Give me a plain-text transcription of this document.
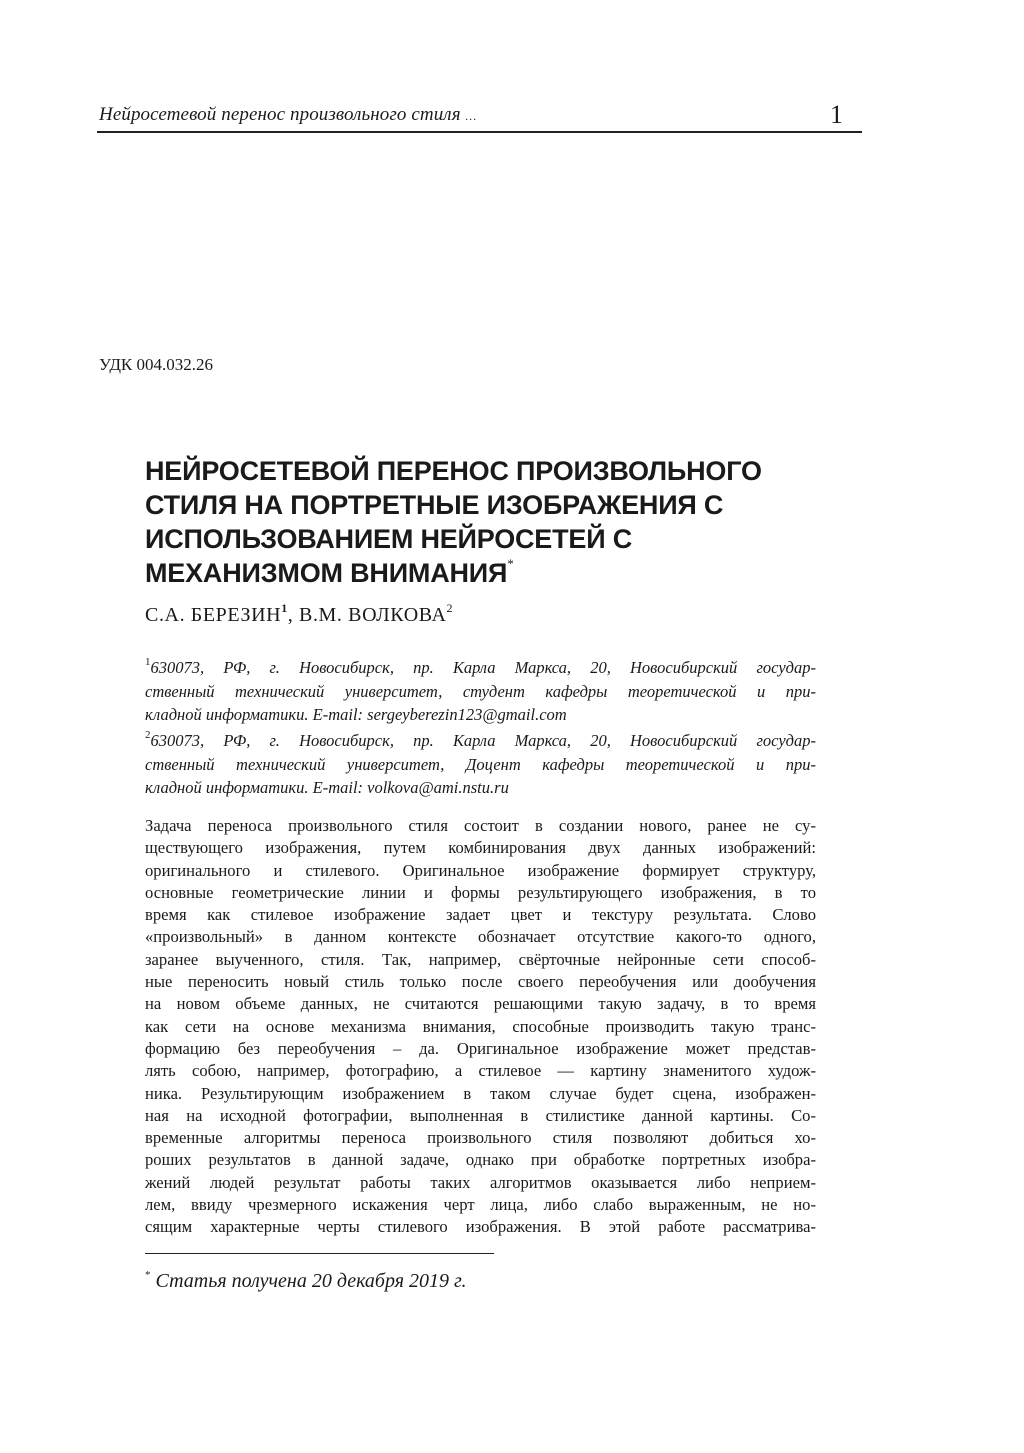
Нейросетевой перенос произвольного стиля …	1
УДК 004.032.26
НЕЙРОСЕТЕВОЙ ПЕРЕНОС ПРОИЗВОЛЬНОГО
СТИЛЯ НА ПОРТРЕТНЫЕ ИЗОБРАЖЕНИЯ С
ИСПОЛЬЗОВАНИЕМ НЕЙРОСЕТЕЙ С
МЕХАНИЗМОМ ВНИМАНИЯ*
С.А. БЕРЕЗИН$^1$, В.М. ВОЛКОВА$^2$
$^1$630073, РФ, г. Новосибирск, пр. Карла Маркса, 20, Новосибирский государ-
ственный технический университет, студент кафедры теоретической и при-
кладной информатики. E-mail: sergeyberezin123@gmail.com
$^2$630073, РФ, г. Новосибирск, пр. Карла Маркса, 20, Новосибирский государ-
ственный технический университет, Доцент кафедры теоретической и при-
кладной информатики. E-mail: volkova@ami.nstu.ru
Задача переноса произвольного стиля состоит в создании нового, ранее не су-
ществующего изображения, путем комбинирования двух данных изображений:
оригинального и стилевого. Оригинальное изображение формирует структуру,
основные геометрические линии и формы результирующего изображения, в то
время как стилевое изображение задает цвет и текстуру результата. Слово
«произвольный» в данном контексте обозначает отсутствие какого-то одного,
заранее выученного, стиля. Так, например, свёрточные нейронные сети способ-
ные переносить новый стиль только после своего переобучения или дообучения
на новом объеме данных, не считаются решающими такую задачу, в то время
как сети на основе механизма внимания, способные производить такую транс-
формацию без переобучения – да. Оригинальное изображение может представ-
лять собою, например, фотографию, а стилевое — картину знаменитого худож-
ника. Результирующим изображением в таком случае будет сцена, изображен-
ная на исходной фотографии, выполненная в стилистике данной картины. Со-
временные алгоритмы переноса произвольного стиля позволяют добиться хо-
роших результатов в данной задаче, однако при обработке портретных изобра-
жений людей результат работы таких алгоритмов оказывается либо неприем-
лем, ввиду чрезмерного искажения черт лица, либо слабо выраженным, не но-
сящим характерные черты стилевого изображения. В этой работе рассматрива-
* Статья получена 20 декабря 2019 г.
